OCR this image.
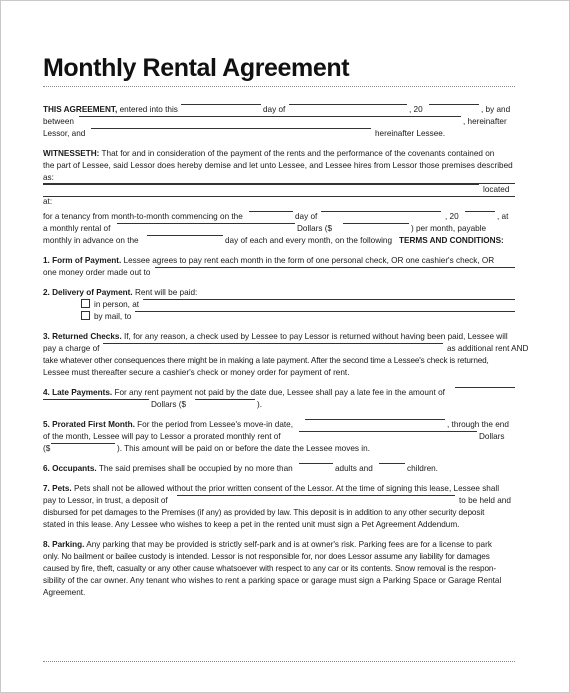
Monthly Rental Agreement
THIS AGREEMENT, entered into this	day of	, 20	, by and
between	, hereinafter
Lessor, and	hereinafter Lessee.
WITNESSETH: That for and in consideration of the payment of the rents and the performance of the covenants contained on
the part of Lessee, said Lessor does hereby demise and let unto Lessee, and Lessee hires from Lessor those premises described
as:
located
at:
for a tenancy from month-to-month commencing on the	day of	, 20	, at
a monthly rental of	Dollars ($	) per month, payable
monthly in advance on the	day of each and every month, on the following TERMS AND CONDITIONS:
1. Form of Payment. Lessee agrees to pay rent each month in the form of one personal check, OR one cashier's check, OR
one money order made out to
2. Delivery of Payment. Rent will be paid:
in person, at
by mail, to
3. Returned Checks. If, for any reason, a check used by Lessee to pay Lessor is returned without having been paid, Lessee will
pay a charge of	as additional rent AND
take whatever other consequences there might be in making a late payment. After the second time a Lessee's check is returned,
Lessee must thereafter secure a cashier's check or money order for payment of rent.
4. Late Payments. For any rent payment not paid by the date due, Lessee shall pay a late fee in the amount of
Dollars ($	).
5. Prorated First Month. For the period from Lessee's move-in date,	, through the end
of the month, Lessee will pay to Lessor a prorated monthly rent of	Dollars
($	). This amount will be paid on or before the date the Lessee moves in.
6. Occupants. The said premises shall be occupied by no more than	adults and	children.
7. Pets. Pets shall not be allowed without the prior written consent of the Lessor. At the time of signing this lease, Lessee shall
pay to Lessor, in trust, a deposit of	to be held and
disbursed for pet damages to the Premises (if any) as provided by law. This deposit is in addition to any other security deposit
stated in this lease. Any Lessee who wishes to keep a pet in the rented unit must sign a Pet Agreement Addendum.
8. Parking. Any parking that may be provided is strictly self-park and is at owner's risk. Parking fees are for a license to park
only. No bailment or bailee custody is intended. Lessor is not responsible for, nor does Lessor assume any liability for damages
caused by fire, theft, casualty or any other cause whatsoever with respect to any car or its contents. Snow removal is the respon-
sibility of the car owner. Any tenant who wishes to rent a parking space or garage must sign a Parking Space or Garage Rental
Agreement.
